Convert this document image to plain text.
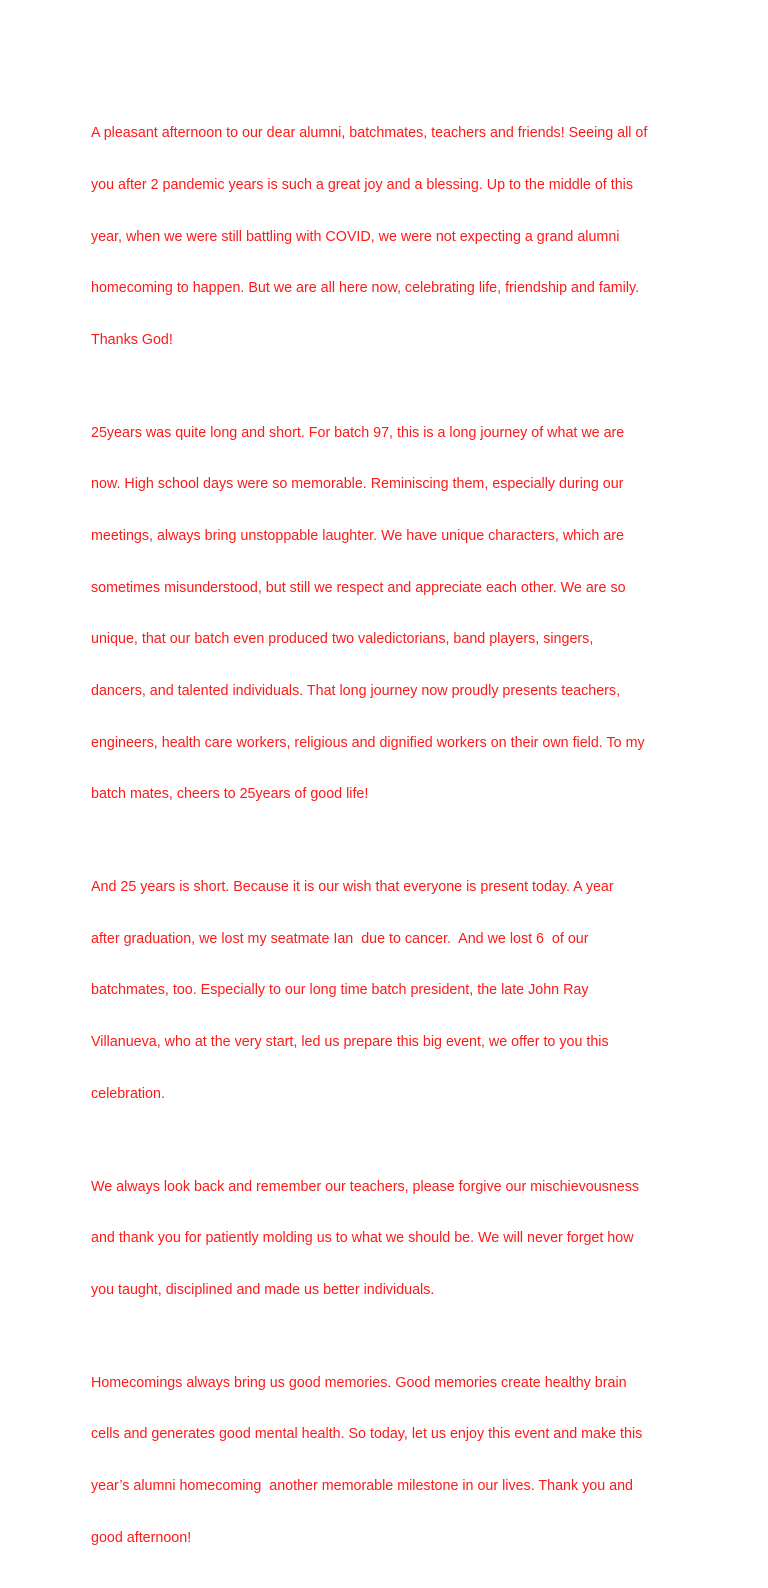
A pleasant afternoon to our dear alumni, batchmates, teachers and friends! Seeing all of

you after 2 pandemic years is such a great joy and a blessing. Up to the middle of this

year, when we were still battling with COVID, we were not expecting a grand alumni

homecoming to happen. But we are all here now, celebrating life, friendship and family.

Thanks God!

25years was quite long and short. For batch 97, this is a long journey of what we are

now. High school days were so memorable. Reminiscing them, especially during our

meetings, always bring unstoppable laughter. We have unique characters, which are

sometimes misunderstood, but still we respect and appreciate each other. We are so

unique, that our batch even produced two valedictorians, band players, singers,

dancers, and talented individuals. That long journey now proudly presents teachers,

engineers, health care workers, religious and dignified workers on their own field. To my

batch mates, cheers to 25years of good life!

And 25 years is short. Because it is our wish that everyone is present today. A year

after graduation, we lost my seatmate Ian  due to cancer.  And we lost 6  of our

batchmates, too. Especially to our long time batch president, the late John Ray

Villanueva, who at the very start, led us prepare this big event, we offer to you this

celebration.

We always look back and remember our teachers, please forgive our mischievousness

and thank you for patiently molding us to what we should be. We will never forget how

you taught, disciplined and made us better individuals.

Homecomings always bring us good memories. Good memories create healthy brain

cells and generates good mental health. So today, let us enjoy this event and make this

year’s alumni homecoming  another memorable milestone in our lives. Thank you and

good afternoon!
